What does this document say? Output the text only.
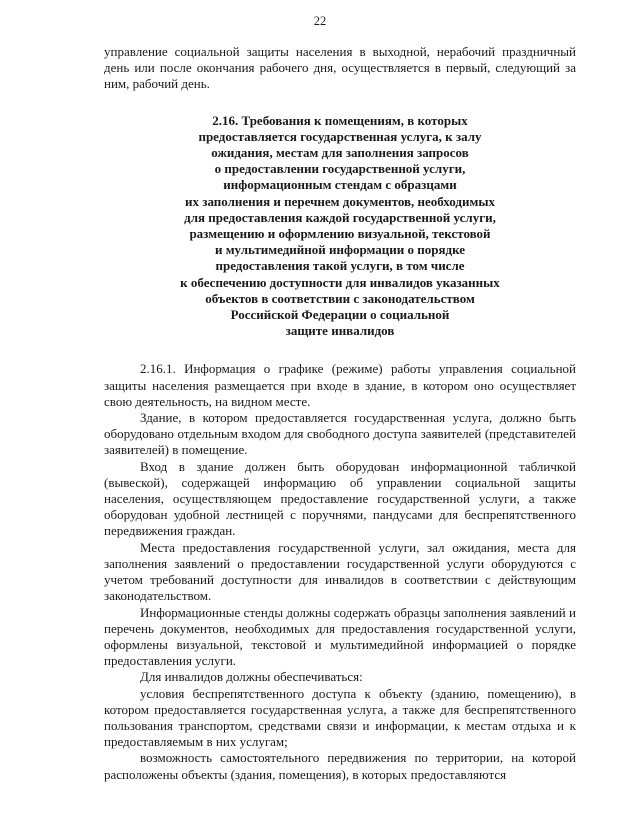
22

управление социальной защиты населения в выходной, нерабочий праздничный день или после окончания рабочего дня, осуществляется в первый, следующий за ним, рабочий день.

2.16. Требования к помещениям, в которых
предоставляется государственная услуга, к залу
ожидания, местам для заполнения запросов
о предоставлении государственной услуги,
информационным стендам с образцами
их заполнения и перечнем документов, необходимых
для предоставления каждой государственной услуги,
размещению и оформлению визуальной, текстовой
и мультимедийной информации о порядке
предоставления такой услуги, в том числе
к обеспечению доступности для инвалидов указанных
объектов в соответствии с законодательством
Российской Федерации о социальной
защите инвалидов

2.16.1. Информация о графике (режиме) работы управления социальной защиты населения размещается при входе в здание, в котором оно осуществляет свою деятельность, на видном месте.

Здание, в котором предоставляется государственная услуга, должно быть оборудовано отдельным входом для свободного доступа заявителей (представителей заявителей) в помещение.

Вход в здание должен быть оборудован информационной табличкой (вывеской), содержащей информацию об управлении социальной защиты населения, осуществляющем предоставление государственной услуги, а также оборудован удобной лестницей с поручнями, пандусами для беспрепятственного передвижения граждан.

Места предоставления государственной услуги, зал ожидания, места для заполнения заявлений о предоставлении государственной услуги оборудуются с учетом требований доступности для инвалидов в соответствии с действующим законодательством.

Информационные стенды должны содержать образцы заполнения заявлений и перечень документов, необходимых для предоставления государственной услуги, оформлены визуальной, текстовой и мультимедийной информацией о порядке предоставления услуги.

Для инвалидов должны обеспечиваться:

условия беспрепятственного доступа к объекту (зданию, помещению), в котором предоставляется государственная услуга, а также для беспрепятственного пользования транспортом, средствами связи и информации, к местам отдыха и к предоставляемым в них услугам;

возможность самостоятельного передвижения по территории, на которой расположены объекты (здания, помещения), в которых предоставляются
